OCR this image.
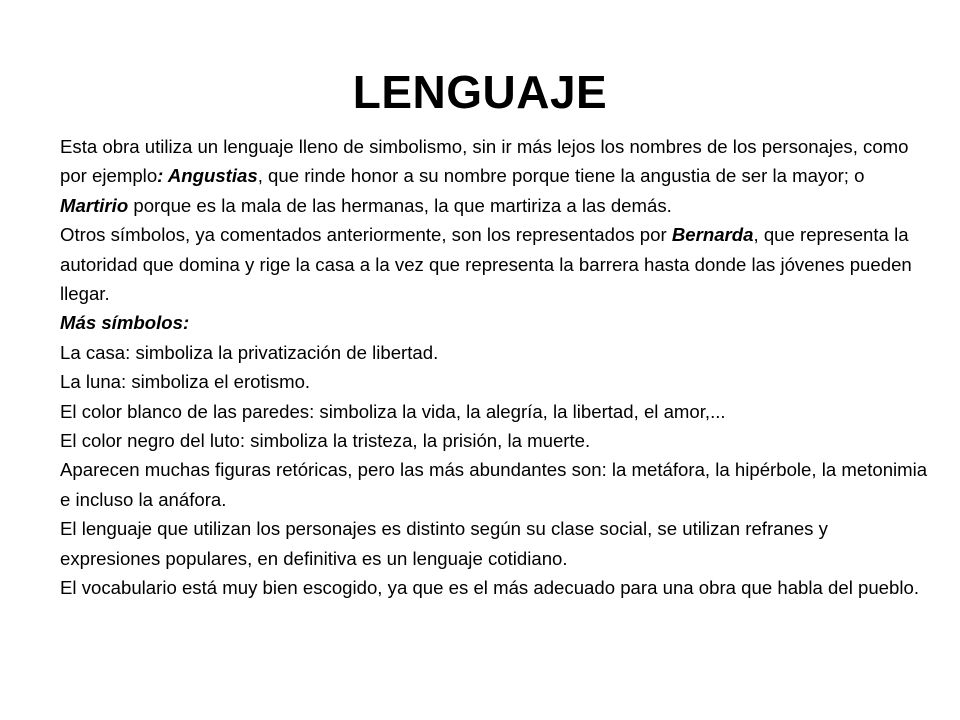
LENGUAJE

Esta obra utiliza un lenguaje lleno de simbolismo, sin ir más lejos los nombres de los personajes, como por ejemplo: Angustias, que rinde honor a su nombre porque tiene la angustia de ser la mayor; o Martirio porque es la mala de las hermanas, la que martiriza a las demás.

Otros símbolos, ya comentados anteriormente, son los representados por Bernarda, que representa la autoridad que domina y rige la casa a la vez que representa la barrera hasta donde las jóvenes pueden llegar.

Más símbolos:

La casa: simboliza la privatización de libertad.

La luna: simboliza el erotismo.

El color blanco de las paredes: simboliza la vida, la alegría, la libertad, el amor,...

El color negro del luto: simboliza la tristeza, la prisión, la muerte.

Aparecen muchas figuras retóricas, pero las más abundantes son: la metáfora, la hipérbole, la metonimia e incluso la anáfora.

El lenguaje que utilizan los personajes es distinto según su clase social, se utilizan refranes y expresiones populares, en definitiva es un lenguaje cotidiano.

El vocabulario está muy bien escogido, ya que es el más adecuado para una obra que habla del pueblo.
